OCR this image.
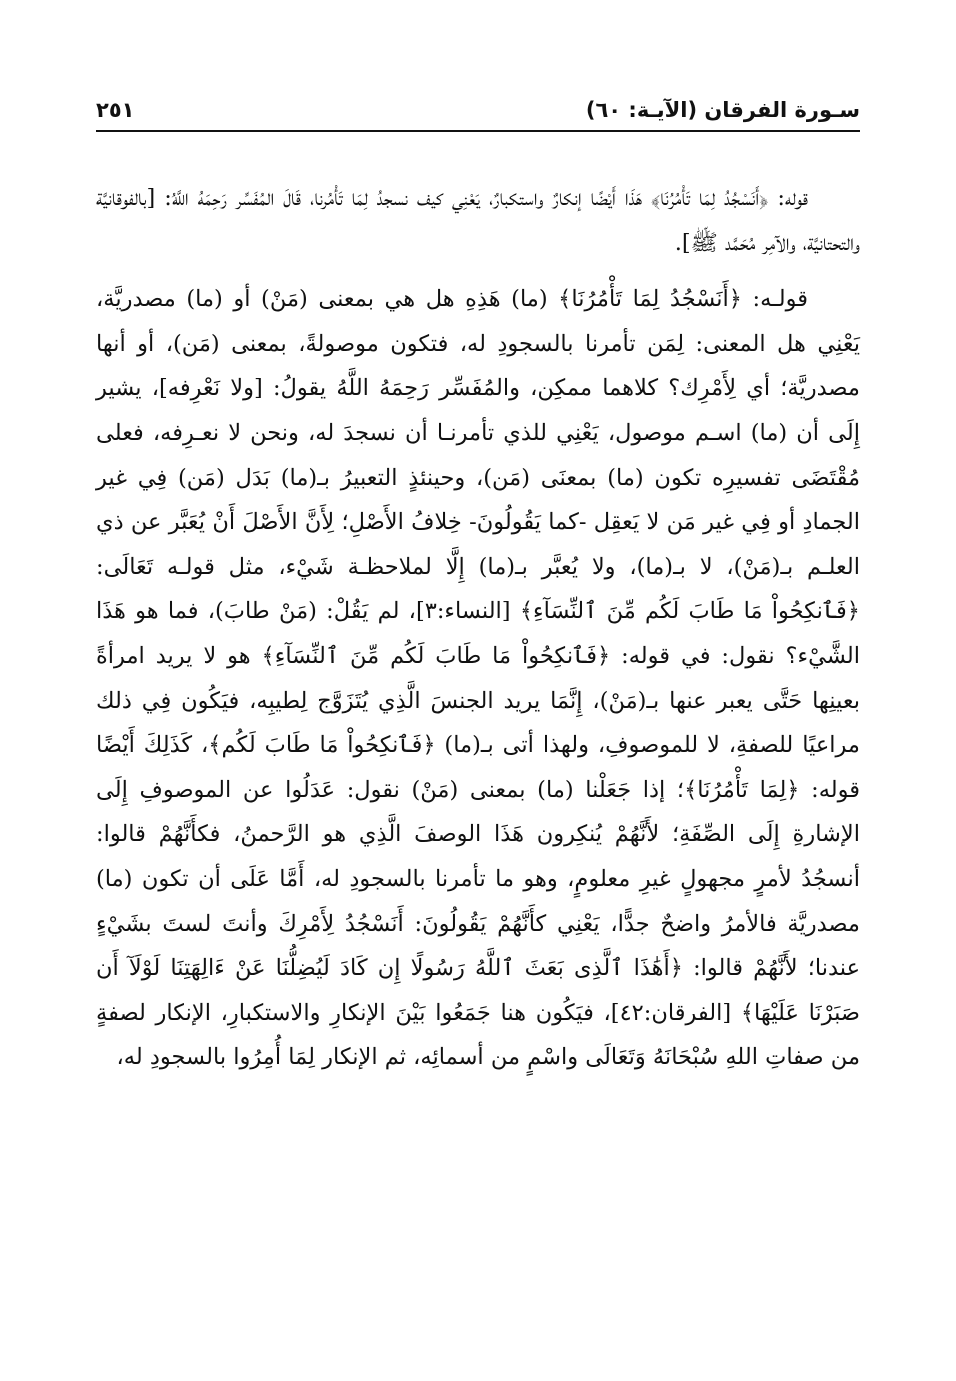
سـورة الفرقان (الآيـة: ٦٠)
٢٥١

قوله: ﴿أَنَسْجُدُ لِمَا تَأْمُرُنَا﴾ هَذَا أَيْضًا إنكارٌ واستكبارٌ، يَعْنِي كيف نسجدُ لِمَا تَأْمُرنا، قَالَ المُفَسِّر رَحِمَهُ اللَّهُ: [بالفوقانيَّة والتحتانيَّة، والآمِر مُحَمَّد ﷺ].

قولـه: ﴿أَنَسْجُدُ لِمَا تَأْمُرُنَا﴾ (ما) هَذِهِ هل هي بمعنى (مَنْ) أو (ما) مصدريَّة، يَعْنِي هل المعنى: لِمَن تأمرنا بالسجودِ له، فتكون موصولةً، بمعنى (مَن)، أو أنها مصدريَّة؛ أي لِأَمْرِك؟ كلاهما ممكِن، والمُفَسِّر رَحِمَهُ اللَّهُ يقولُ: [ولا نَعْرِفه]، يشير إِلَى أن (ما) اسـم موصول، يَعْنِي للذي تأمرنـا أن نسجدَ له، ونحن لا نعـرِفه، فعلى مُقْتَضَى تفسيرِه تكون (ما) بمعنَى (مَن)، وحينئذٍ التعبيرُ بـ(ما) بَدَل (مَن) فِي غير الجمادِ أو فِي غير مَن لا يَعقِل -كما يَقُولُونَ- خِلافُ الأَصْلِ؛ لِأَنَّ الأَصْلَ أَنْ يُعَبَّر عن ذي العلـم بـ(مَنْ)، لا بـ(ما)، ولا يُعبَّر بـ(ما) إِلَّا لملاحظـة شَيْء، مثل قولـه تَعَالَى: ﴿فَٱنكِحُواْ مَا طَابَ لَكُم مِّنَ ٱلنِّسَآءِ﴾ [النساء:٣]، لم يَقُلْ: (مَنْ طابَ)، فما هو هَذَا الشَّيْء؟ نقول: في قوله: ﴿فَٱنكِحُواْ مَا طَابَ لَكُم مِّنَ ٱلنِّسَآءِ﴾ هو لا يريد امرأةً بعينِها حَتَّى يعبر عنها بـ(مَنْ)، إِنَّمَا يريد الجنسَ الَّذِي يُتَزَوَّج لِطيبِه، فيَكُون فِي ذلك مراعيًا للصفةِ، لا للموصوفِ، ولهذا أتى بـ(ما) ﴿فَٱنكِحُواْ مَا طَابَ لَكُم﴾، كَذَلِكَ أَيْضًا قوله: ﴿لِمَا تَأْمُرُنَا﴾؛ إذا جَعَلْنا (ما) بمعنى (مَنْ) نقول: عَدَلُوا عن الموصوفِ إِلَى الإشارةِ إِلَى الصِّفَةِ؛ لأَنَّهُمْ يُنكِرون هَذَا الوصفَ الَّذِي هو الرَّحمنُ، فكأَنَّهُمْ قالوا: أنسجُدُ لأمرٍ مجهولٍ غيرِ معلومٍ، وهو ما تأمرنا بالسجودِ له، أَمَّا عَلَى أن تكون (ما) مصدريَّة فالأمرُ واضحٌ جدًّا، يَعْنِي كأَنَّهُمْ يَقُولُونَ: أَنَسْجُدُ لِأَمْرِكَ وأنتَ لستَ بشَيْءٍ عندنا؛ لأَنَّهُمْ قالوا: ﴿أَهَٰذَا ٱلَّذِى بَعَثَ ٱللَّهُ رَسُولًا إِن كَادَ لَيُضِلُّنَا عَنْ ءَالِهَتِنَا لَوْلَآ أَن صَبَرْنَا عَلَيْهَا﴾ [الفرقان:٤٢]، فيَكُون هنا جَمَعُوا بَيْنَ الإنكارِ والاستكبارِ، الإنكار لصفةٍ من صفاتِ اللهِ سُبْحَانَهُ وَتَعَالَى واسْمٍ من أسمائِه، ثم الإنكار لِمَا أُمِرُوا بالسجودِ له،
